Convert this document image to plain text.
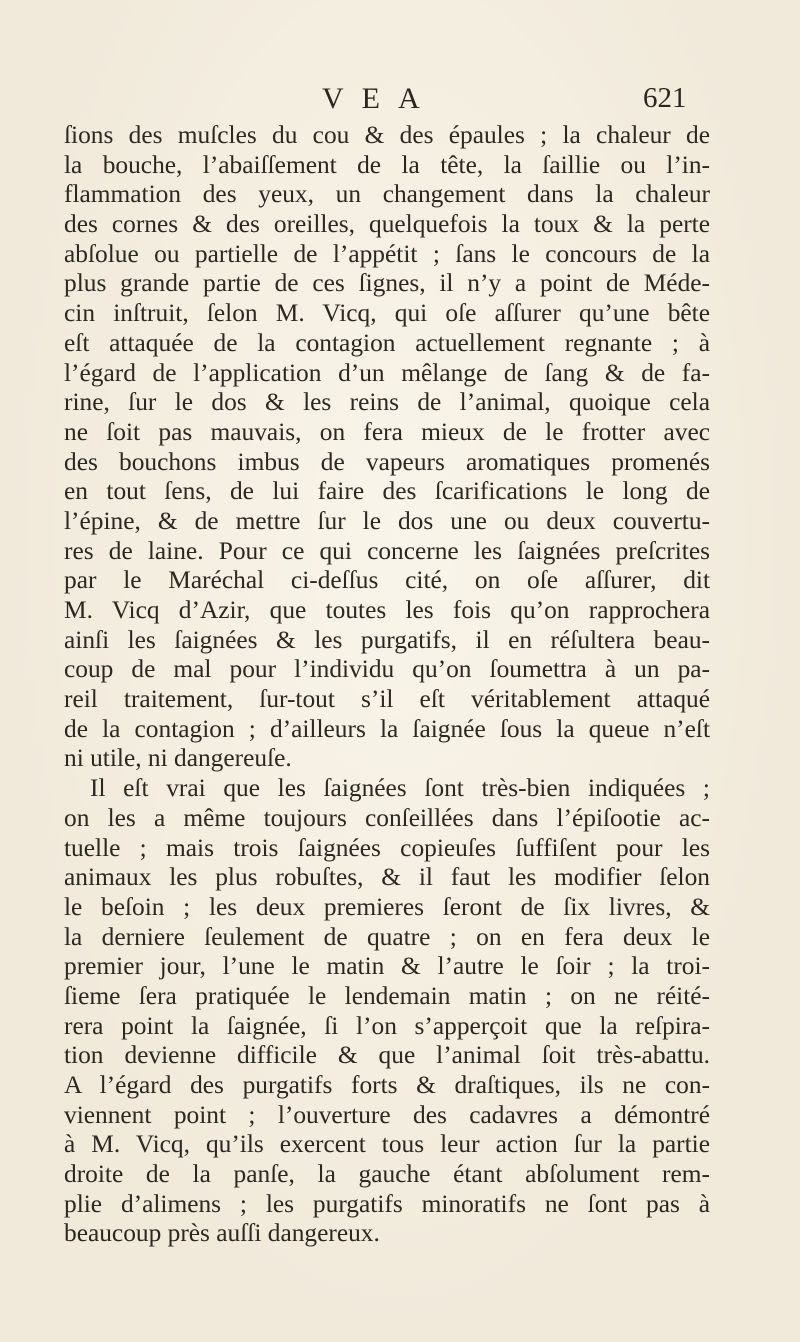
VEA	621
ſions des muſcles du cou & des épaules ; la chaleur de
la bouche, l’abaiſſement de la tête, la ſaillie ou l’in-
flammation des yeux, un changement dans la chaleur
des cornes & des oreilles, quelquefois la toux & la perte
abſolue ou partielle de l’appétit ; ſans le concours de la
plus grande partie de ces ſignes, il n’y a point de Méde-
cin inſtruit, ſelon M. Vicq, qui oſe aſſurer qu’une bête
eſt attaquée de la contagion actuellement regnante ; à
l’égard de l’application d’un mêlange de ſang & de fa-
rine, ſur le dos & les reins de l’animal, quoique cela
ne ſoit pas mauvais, on fera mieux de le frotter avec
des bouchons imbus de vapeurs aromatiques promenés
en tout ſens, de lui faire des ſcarifications le long de
l’épine, & de mettre ſur le dos une ou deux couvertu-
res de laine. Pour ce qui concerne les ſaignées preſcrites
par le Maréchal ci-deſſus cité, on oſe aſſurer, dit
M. Vicq d’Azir, que toutes les fois qu’on rapprochera
ainſi les ſaignées & les purgatifs, il en réſultera beau-
coup de mal pour l’individu qu’on ſoumettra à un pa-
reil traitement, ſur-tout s’il eſt véritablement attaqué
de la contagion ; d’ailleurs la ſaignée ſous la queue n’eſt
ni utile, ni dangereuſe.
Il eſt vrai que les ſaignées ſont très-bien indiquées ;
on les a même toujours conſeillées dans l’épiſootie ac-
tuelle ; mais trois ſaignées copieuſes ſuffiſent pour les
animaux les plus robuſtes, & il faut les modifier ſelon
le beſoin ; les deux premieres ſeront de ſix livres, &
la derniere ſeulement de quatre ; on en fera deux le
premier jour, l’une le matin & l’autre le ſoir ; la troi-
ſieme ſera pratiquée le lendemain matin ; on ne réité-
rera point la ſaignée, ſi l’on s’apperçoit que la reſpira-
tion devienne difficile & que l’animal ſoit très-abattu.
A l’égard des purgatifs forts & draſtiques, ils ne con-
viennent point ; l’ouverture des cadavres a démontré
à M. Vicq, qu’ils exercent tous leur action ſur la partie
droite de la panſe, la gauche étant abſolument rem-
plie d’alimens ; les purgatifs minoratifs ne ſont pas à
beaucoup près auſſi dangereux.
